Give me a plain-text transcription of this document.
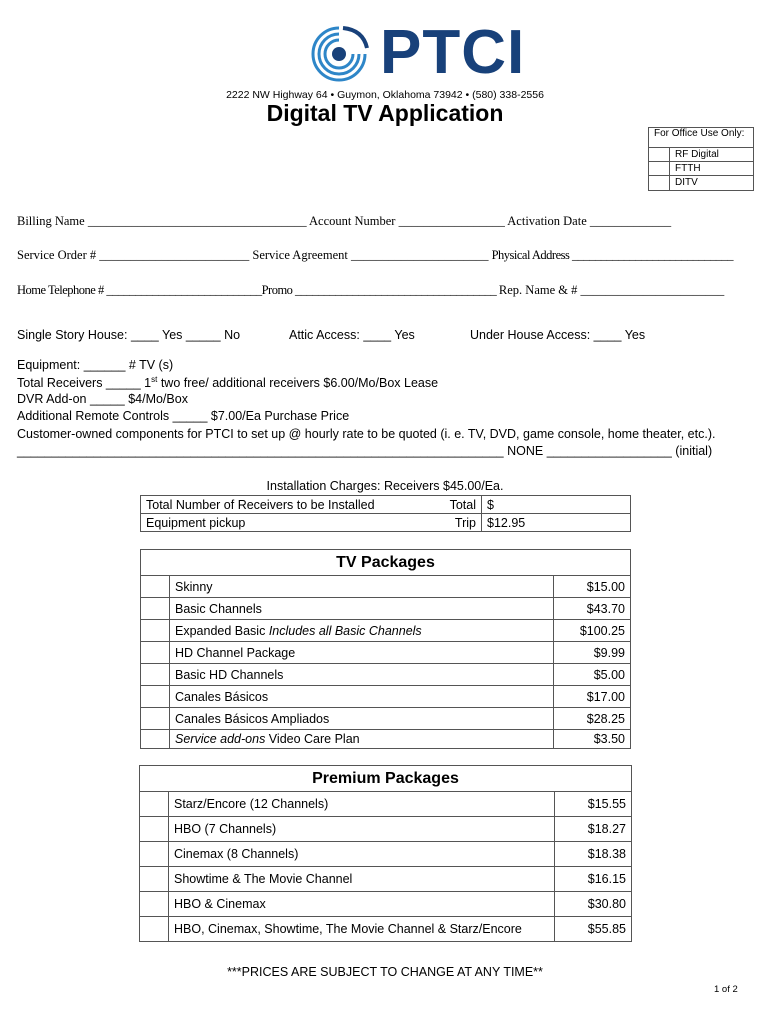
PTCI
2222 NW Highway 64 • Guymon, Oklahoma 73942 • (580) 338-2556
Digital TV Application
RF Digital
FTTH
DITV
For Office Use Only:
Billing Name ___________________________________ Account Number _________________ Activation Date _____________
Service Order # ________________________ Service Agreement ______________________ Physical Address ____________________________
Home Telephone # ___________________________Promo ___________________________________ Rep. Name & # _______________________
Single Story House: ____ Yes _____ No	Attic Access: ____ Yes	Under House Access: ____ Yes
Equipment: ______ # TV (s)
Total Receivers _____ 1st two free/ additional receivers $6.00/Mo/Box Lease
DVR Add-on _____ $4/Mo/Box
Additional Remote Controls _____ $7.00/Ea Purchase Price
Customer-owned components for PTCI to set up @ hourly rate to be quoted (i. e. TV, DVD, game console, home theater, etc.).
______________________________________________________________________ NONE __________________ (initial)
Installation Charges: Receivers $45.00/Ea.
Total Number of Receivers to be Installed	Total	$
Equipment pickup	Trip	$12.95
TV Packages		
	Skinny	$15.00
	Basic Channels	$43.70
	Expanded Basic Includes all Basic Channels	$100.25
	HD Channel Package	$9.99
	Basic HD Channels	$5.00
	Canales Básicos	$17.00
	Canales Básicos Ampliados	$28.25
	Service add-ons Video Care Plan	$3.50
Premium Packages		
	Starz/Encore (12 Channels)	$15.55
	HBO (7 Channels)	$18.27
	Cinemax (8 Channels)	$18.38
	Showtime & The Movie Channel	$16.15
	HBO & Cinemax	$30.80
	HBO, Cinemax, Showtime, The Movie Channel & Starz/Encore	$55.85
***PRICES ARE SUBJECT TO CHANGE AT ANY TIME**
1 of 2
